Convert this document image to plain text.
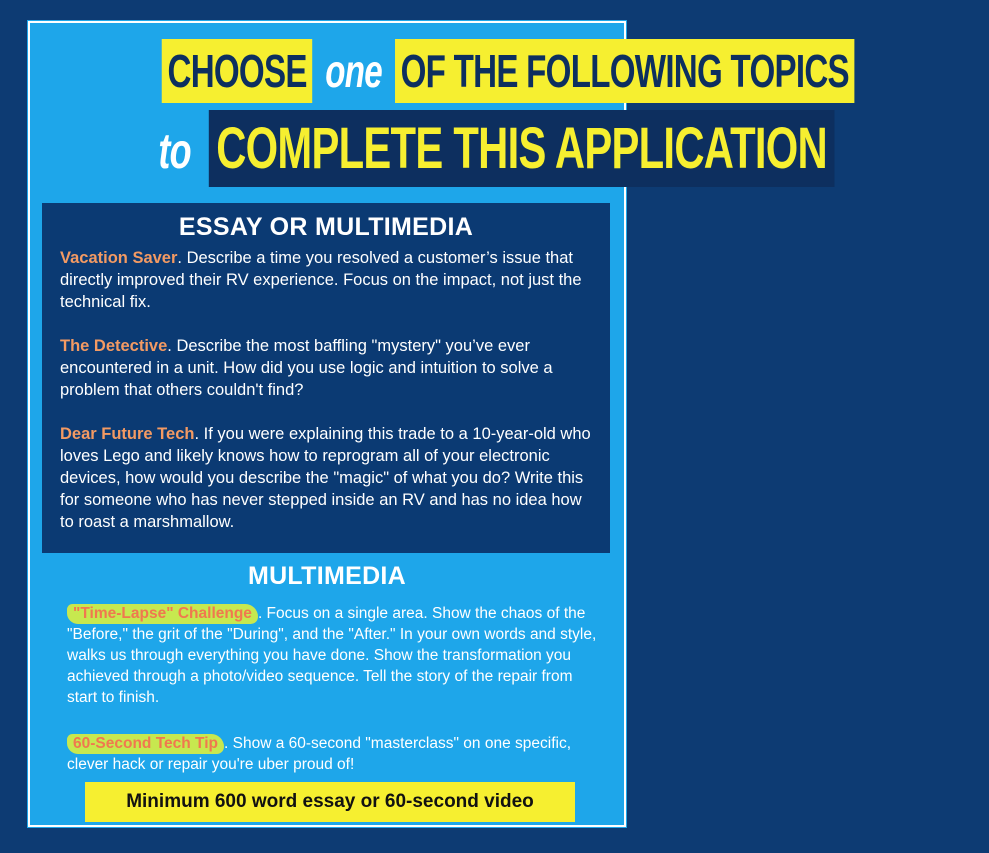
CHOOSE one OF THE FOLLOWING TOPICS
to COMPLETE THIS APPLICATION
ESSAY OR MULTIMEDIA

Vacation Saver. Describe a time you resolved a customer’s issue that directly improved their RV experience. Focus on the impact, not just the technical fix.

The Detective. Describe the most baffling "mystery" you’ve ever encountered in a unit. How did you use logic and intuition to solve a problem that others couldn't find?

Dear Future Tech. If you were explaining this trade to a 10-year-old who loves Lego and likely knows how to reprogram all of your electronic devices, how would you describe the "magic" of what you do? Write this for someone who has never stepped inside an RV and has no idea how to roast a marshmallow.

MULTIMEDIA

"Time-Lapse" Challenge . Focus on a single area. Show the chaos of the "Before," the grit of the "During", and the "After." In your own words and style, walks us through everything you have done. Show the transformation you achieved through a photo/video sequence. Tell the story of the repair from start to finish.

60-Second Tech Tip . Show a 60-second "masterclass" on one specific, clever hack or repair you're uber proud of!

Minimum 600 word essay or 60-second video
